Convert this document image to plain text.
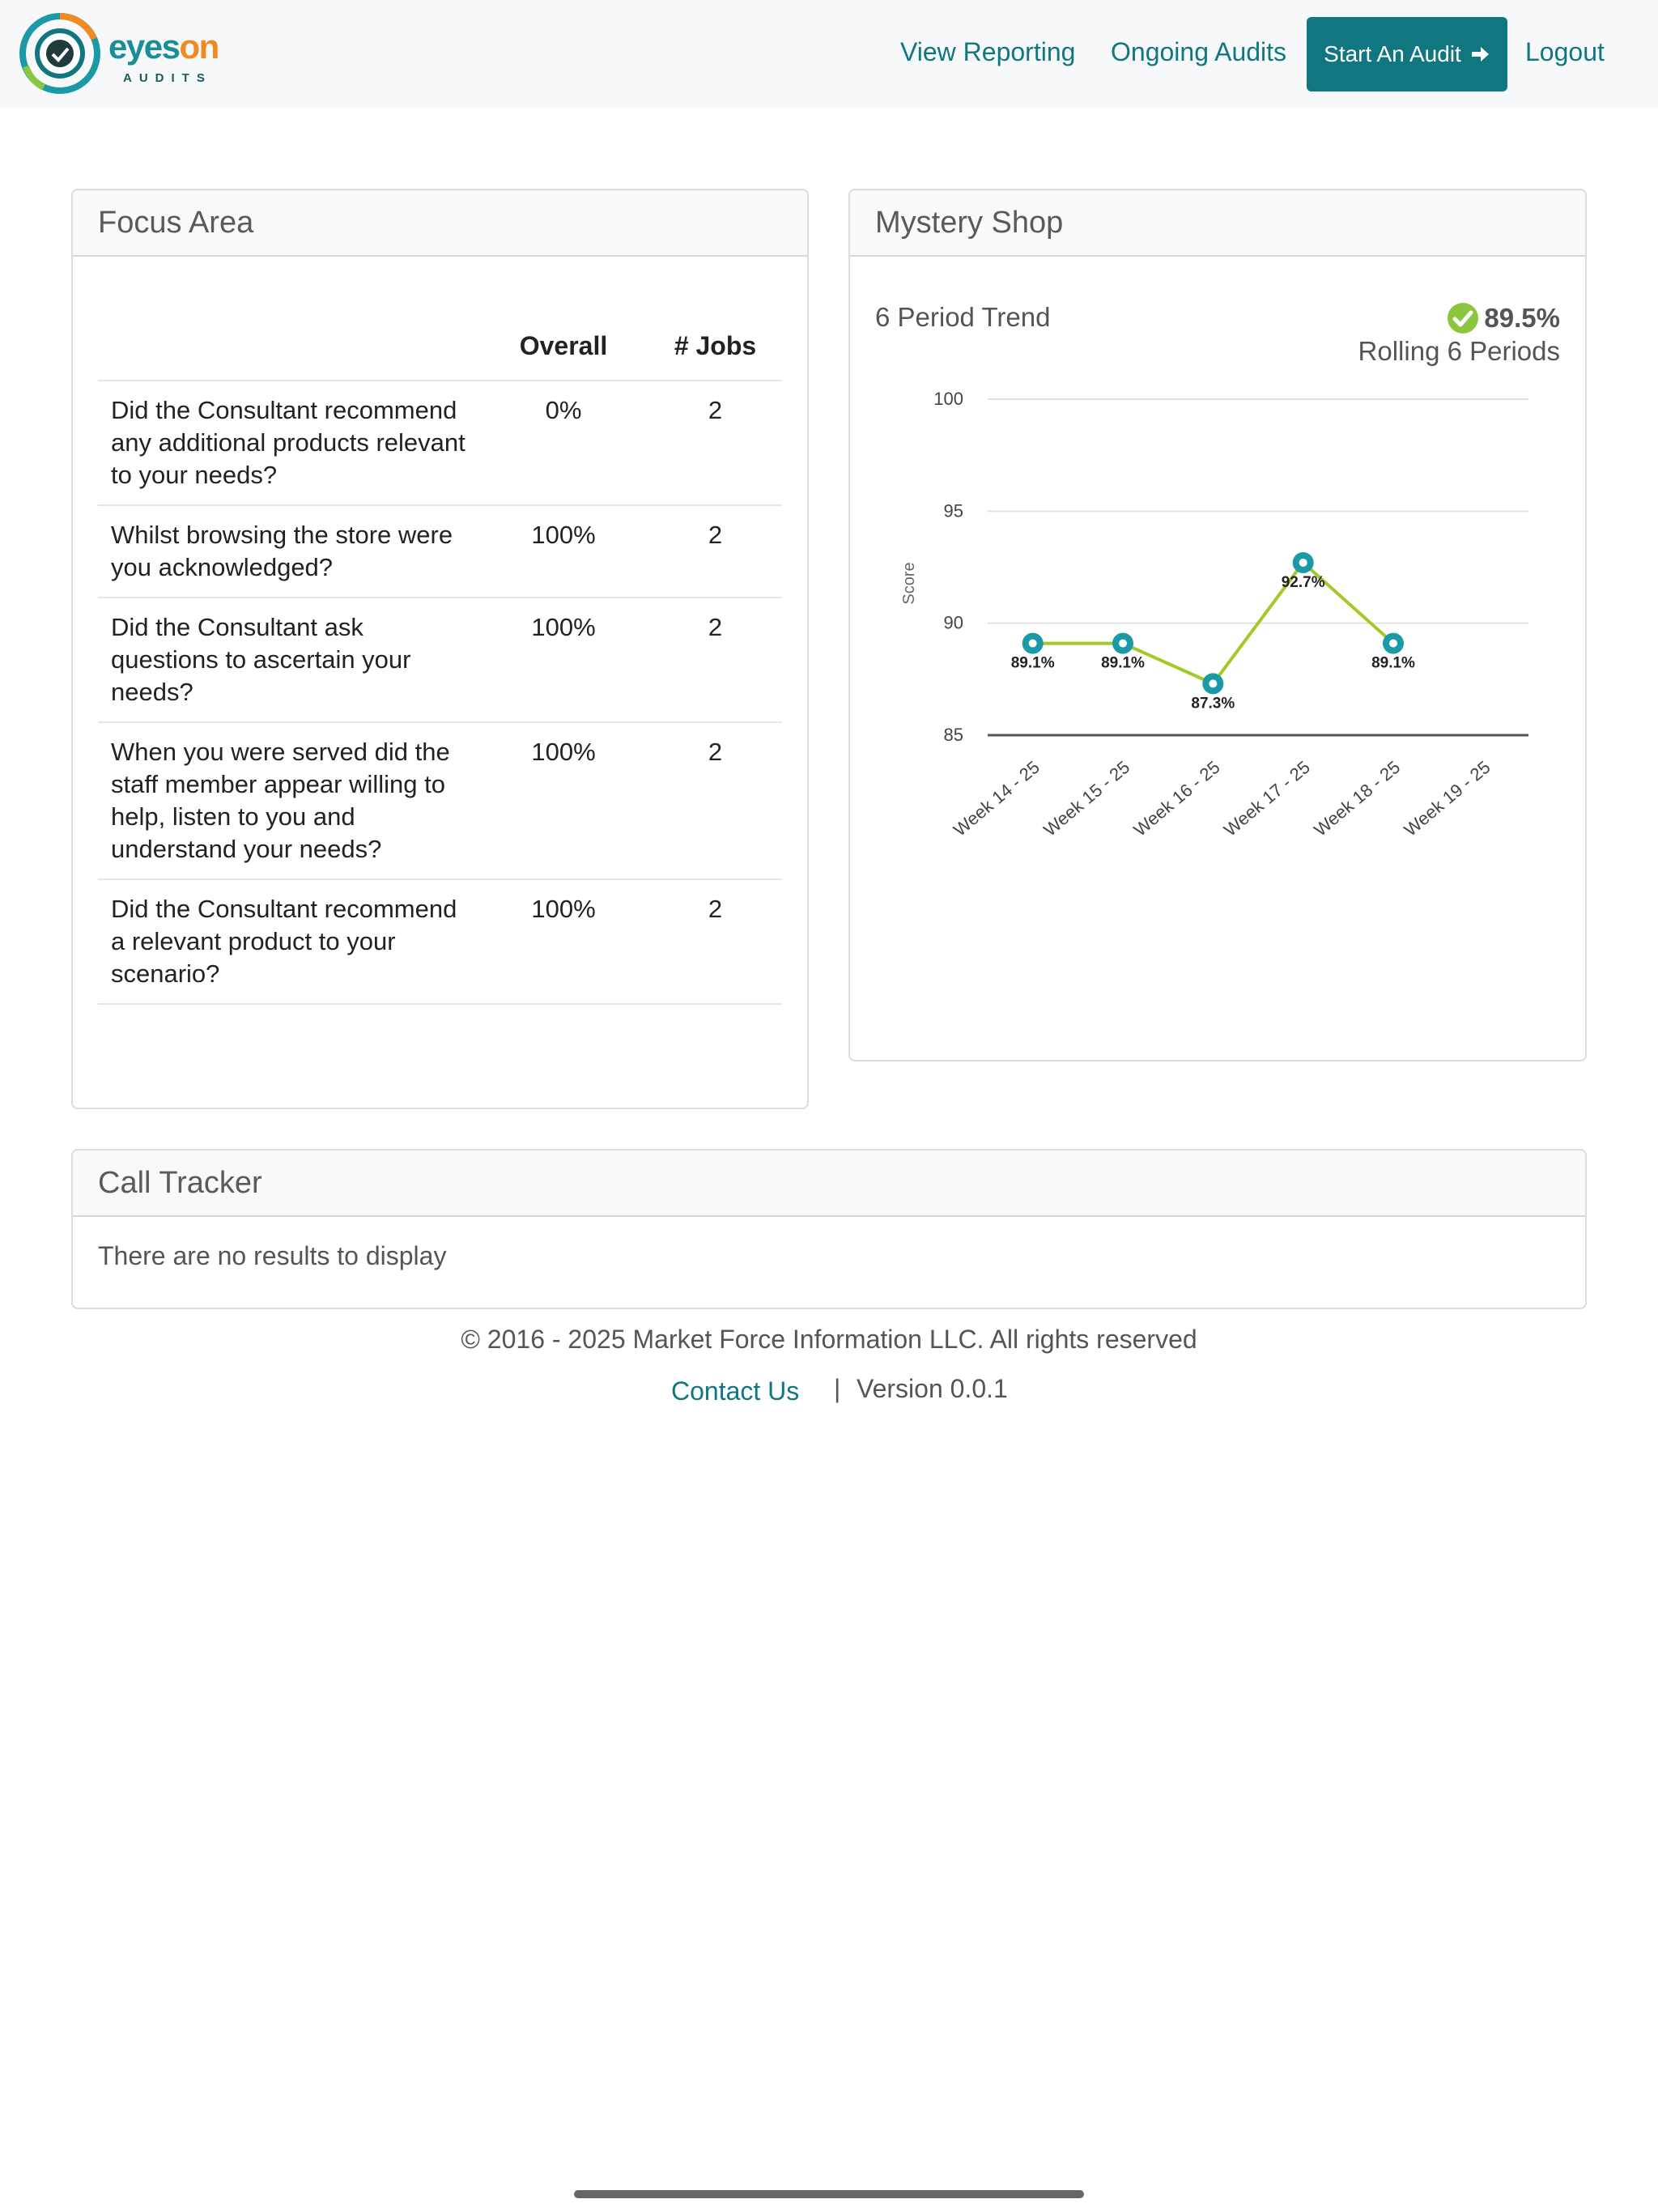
eyeson
AUDITS
View Reporting Ongoing Audits Start An Audit Logout
Focus Area
	Overall	# Jobs
Did the Consultant recommend any additional products relevant to your needs?	0%	2
Whilst browsing the store were you acknowledged?	100%	2
Did the Consultant ask questions to ascertain your needs?	100%	2
When you were served did the staff member appear willing to help, listen to you and understand your needs?	100%	2
Did the Consultant recommend a relevant product to your scenario?	100%	2
Mystery Shop
6 Period Trend	89.5%
Rolling 6 Periods
85
90
95
100
Score
Week 14 - 25
Week 15 - 25
Week 16 - 25
Week 17 - 25
Week 18 - 25
Week 19 - 25
89.1%	89.1%
87.3%
92.7%
89.1%
Call Tracker
There are no results to display
© 2016 - 2025 Market Force Information LLC. All rights reserved
Contact Us | Version 0.0.1
